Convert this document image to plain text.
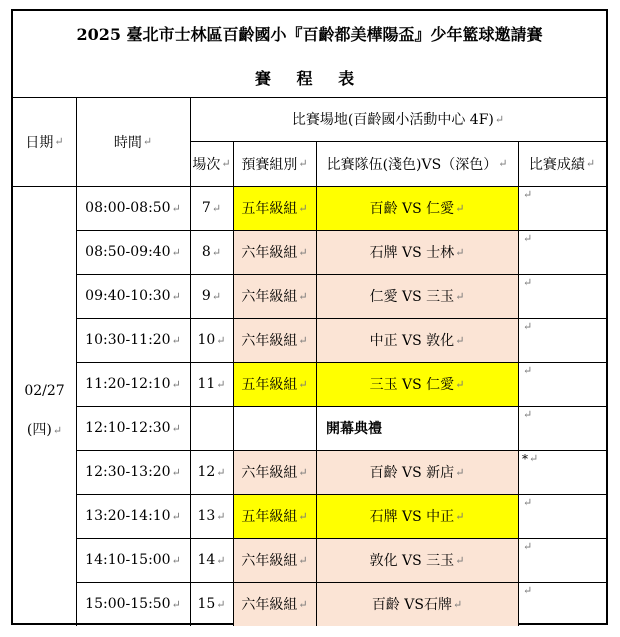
2025 臺北市士林區百齡國小『百齡都美樺陽盃』少年籃球邀請賽
賽 程 表
日期 ↵	時間 ↵
比賽場地(百齡國小活動中心 4F) ↵
場次 ↵ 預賽組別 ↵ 比賽隊伍(淺色)VS（深色） ↵ 比賽成績 ↵
02/27
(四)↵
08:00-08:50 ↵ 7 ↵ 五年級組 ↵	百齡 VS 仁愛 ↵
↵
08:50-09:40 ↵ 8 ↵ 六年級組 ↵	石牌 VS 士林 ↵
↵
09:40-10:30 ↵ 9 ↵ 六年級組 ↵	仁愛 VS 三玉 ↵
↵
10:30-11:20 ↵ 10 ↵ 六年級組 ↵	中正 VS 敦化 ↵
↵
11:20-12:10 ↵ 11 ↵ 五年級組 ↵	三玉 VS 仁愛 ↵
↵
12:10-12:30 ↵	開幕典禮
↵
12:30-13:20 ↵ 12 ↵ 六年級組 ↵	百齡 VS 新店 ↵
* ↵
13:20-14:10 ↵ 13 ↵ 五年級組 ↵	石牌 VS 中正 ↵
↵
14:10-15:00 ↵ 14 ↵ 六年級組 ↵	敦化 VS 三玉 ↵
↵
15:00-15:50 ↵ 15 ↵ 六年級組 ↵	百齡 VS石牌 ↵
↵
